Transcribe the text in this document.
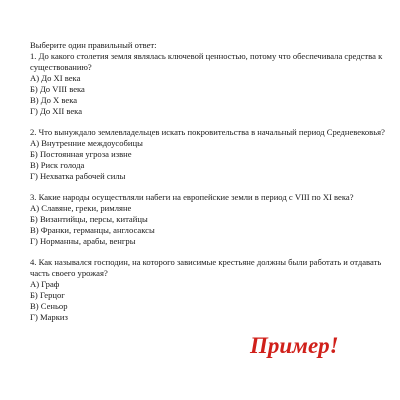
Выберите один правильный ответ:

1. До какого столетия земля являлась ключевой ценностью, потому что обеспечивала средства к существованию?

А) До XI века

Б) До VIII века

В) До X века

Г) До XII века

2. Что вынуждало землевладельцев искать покровительства в начальный период Средневековья?

А) Внутренние междоусобицы

Б) Постоянная угроза извне

В) Риск голода

Г) Нехватка рабочей силы

3. Какие народы осуществляли набеги на европейские земли в период с VIII по XI века?

А) Славяне, греки, римляне

Б) Византийцы, персы, китайцы

В) Франки, германцы, англосаксы

Г) Норманны, арабы, венгры

4. Как назывался господин, на которого зависимые крестьяне должны были работать и отдавать часть своего урожая?

А) Граф

Б) Герцог

В) Сеньор

Г) Маркиз

Пример!
